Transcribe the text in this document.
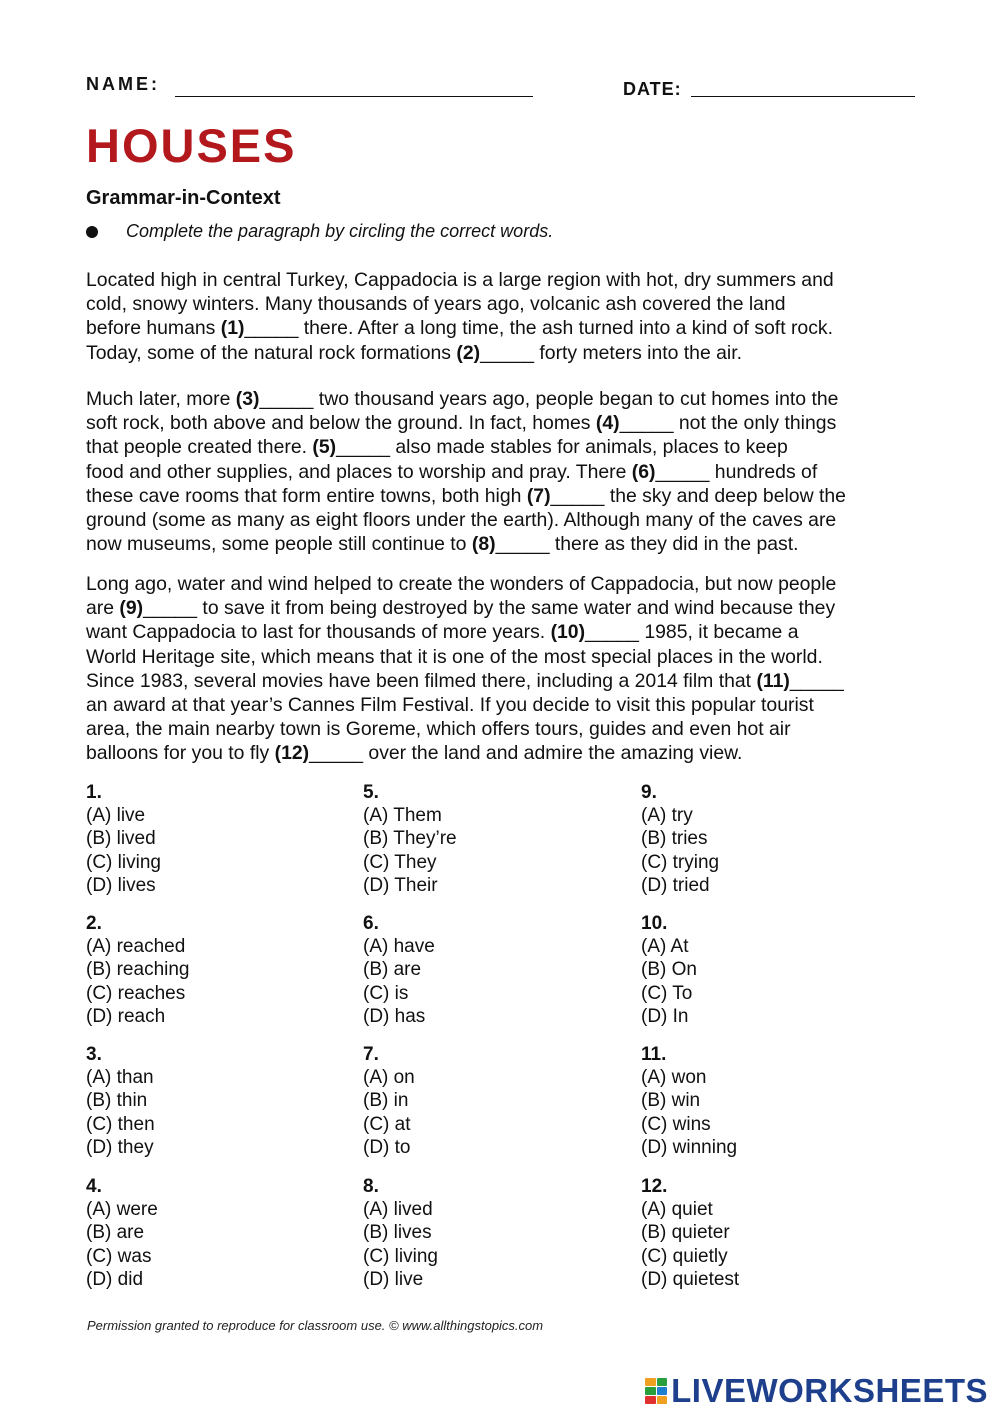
NAME:	DATE:
HOUSES
Grammar-in-Context
Complete the paragraph by circling the correct words.
Located high in central Turkey, Cappadocia is a large region with hot, dry summers and
cold, snowy winters. Many thousands of years ago, volcanic ash covered the land
before humans (1)_____ there. After a long time, the ash turned into a kind of soft rock.
Today, some of the natural rock formations (2)_____ forty meters into the air.
Much later, more (3)_____ two thousand years ago, people began to cut homes into the
soft rock, both above and below the ground. In fact, homes (4)_____ not the only things
that people created there. (5)_____ also made stables for animals, places to keep
food and other supplies, and places to worship and pray. There (6)_____ hundreds of
these cave rooms that form entire towns, both high (7)_____ the sky and deep below the
ground (some as many as eight floors under the earth). Although many of the caves are
now museums, some people still continue to (8)_____ there as they did in the past.
Long ago, water and wind helped to create the wonders of Cappadocia, but now people
are (9)_____ to save it from being destroyed by the same water and wind because they
want Cappadocia to last for thousands of more years. (10)_____ 1985, it became a
World Heritage site, which means that it is one of the most special places in the world.
Since 1983, several movies have been filmed there, including a 2014 film that (11)_____
an award at that year’s Cannes Film Festival. If you decide to visit this popular tourist
area, the main nearby town is Goreme, which offers tours, guides and even hot air
balloons for you to fly (12)_____ over the land and admire the amazing view.
1.
(A) live
(B) lived
(C) living
(D) lives
2.
(A) reached
(B) reaching
(C) reaches
(D) reach
3.
(A) than
(B) thin
(C) then
(D) they
4.
(A) were
(B) are
(C) was
(D) did
5.
(A) Them
(B) They’re
(C) They
(D) Their
6.
(A) have
(B) are
(C) is
(D) has
7.
(A) on
(B) in
(C) at
(D) to
8.
(A) lived
(B) lives
(C) living
(D) live
9.
(A) try
(B) tries
(C) trying
(D) tried
10.
(A) At
(B) On
(C) To
(D) In
11.
(A) won
(B) win
(C) wins
(D) winning
12.
(A) quiet
(B) quieter
(C) quietly
(D) quietest
Permission granted to reproduce for classroom use. © www.allthingstopics.com
LIVEWORKSHEETS
